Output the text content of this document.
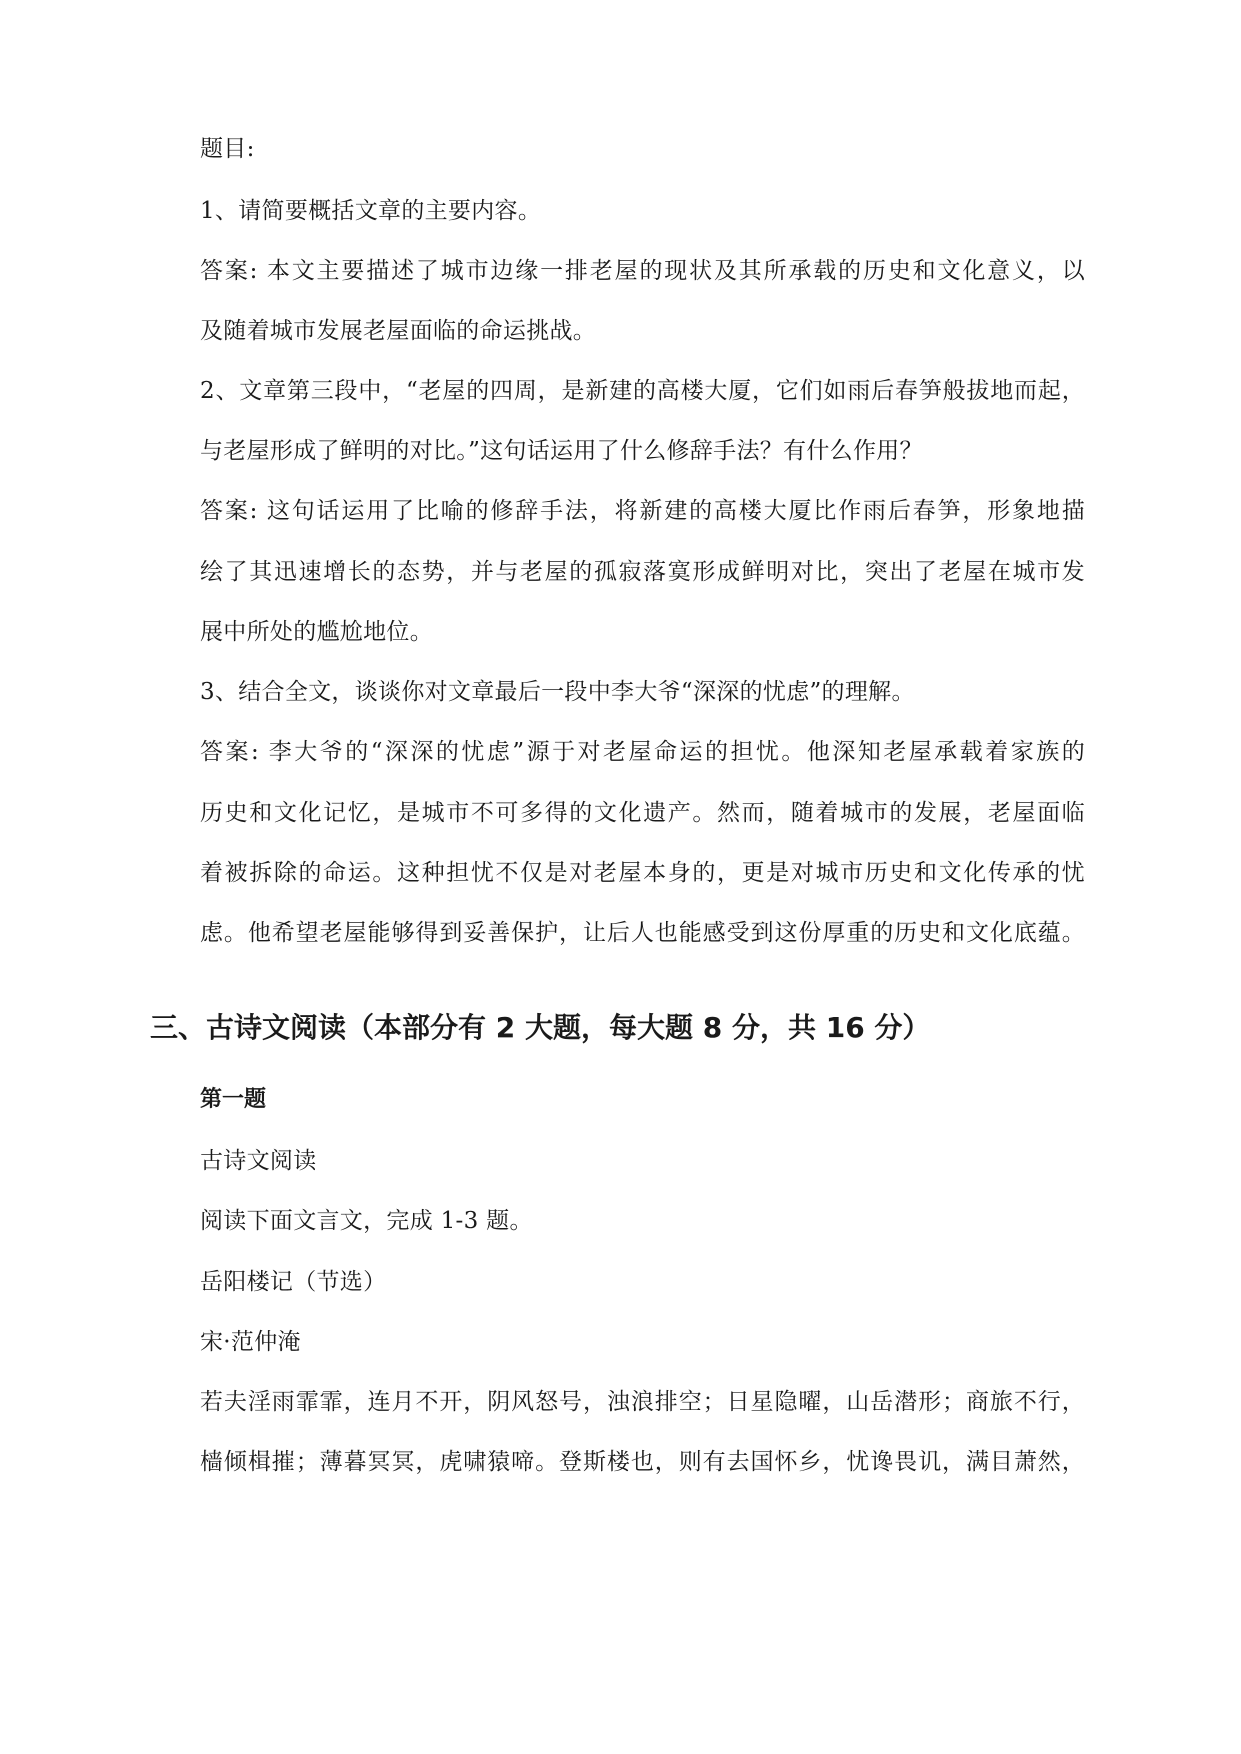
题目:
1、请简要概括文章的主要内容。
答案: 本文主要描述了城市边缘一排老屋的现状及其所承载的历史和文化意义，以
及随着城市发展老屋面临的命运挑战。
2、文章第三段中，“老屋的四周，是新建的高楼大厦，它们如雨后春笋般拔地而起，
与老屋形成了鲜明的对比。”这句话运用了什么修辞手法？有什么作用？
答案: 这句话运用了比喻的修辞手法，将新建的高楼大厦比作雨后春笋，形象地描
绘了其迅速增长的态势，并与老屋的孤寂落寞形成鲜明对比，突出了老屋在城市发
展中所处的尴尬地位。
3、结合全文，谈谈你对文章最后一段中李大爷“深深的忧虑”的理解。
答案: 李大爷的“深深的忧虑”源于对老屋命运的担忧。他深知老屋承载着家族的
历史和文化记忆，是城市不可多得的文化遗产。然而，随着城市的发展，老屋面临
着被拆除的命运。这种担忧不仅是对老屋本身的，更是对城市历史和文化传承的忧
虑。他希望老屋能够得到妥善保护，让后人也能感受到这份厚重的历史和文化底蕴。
三、古诗文阅读（本部分有 2 大题，每大题 8 分，共 16 分）
第一题
古诗文阅读
阅读下面文言文，完成 1-3 题。
岳阳楼记（节选）
宋·范仲淹
若夫淫雨霏霏，连月不开，阴风怒号，浊浪排空；日星隐曜，山岳潜形；商旅不行，
樯倾楫摧；薄暮冥冥，虎啸猿啼。登斯楼也，则有去国怀乡，忧谗畏讥，满目萧然，
